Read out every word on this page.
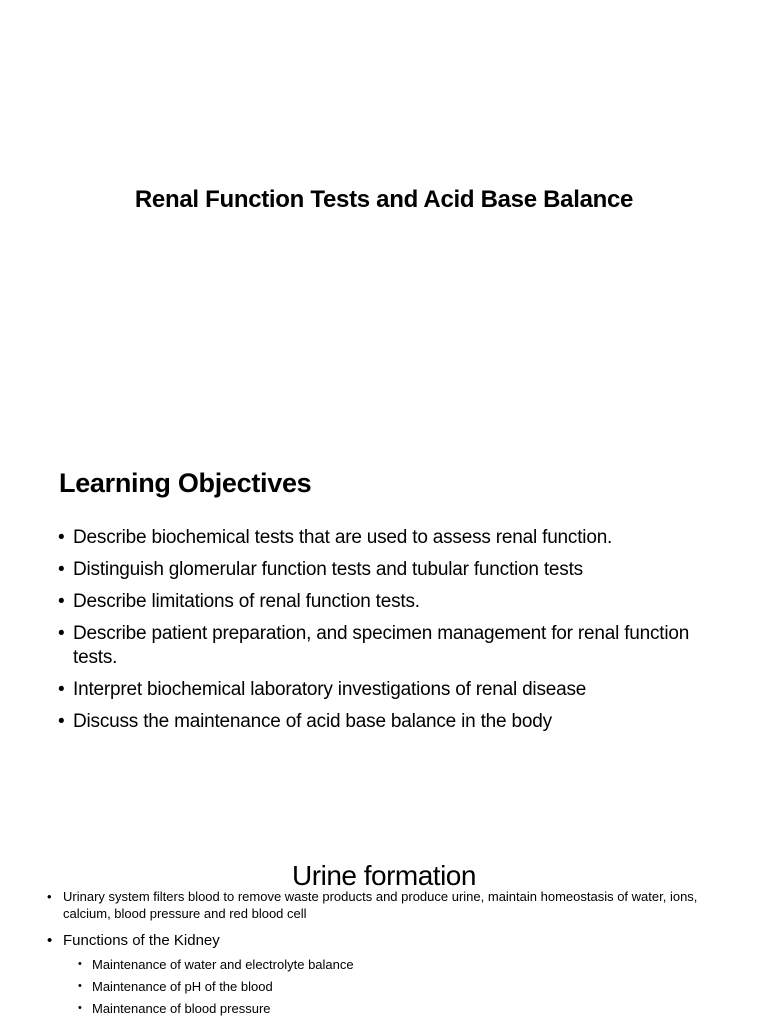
Renal Function Tests and Acid Base Balance
Learning Objectives
• Describe biochemical tests that are used to assess renal function.
• Distinguish glomerular function tests and tubular function tests
• Describe limitations of renal function tests.
• Describe patient preparation, and specimen management for renal function tests.
• Interpret biochemical laboratory investigations of renal disease
• Discuss the maintenance of acid base balance in the body
Urine formation
• Urinary system filters blood to remove waste products and produce urine, maintain homeostasis of water, ions, calcium, blood pressure and red blood cell
• Functions of the Kidney
• Maintenance of water and electrolyte balance
• Maintenance of pH of the blood
• Maintenance of blood pressure
